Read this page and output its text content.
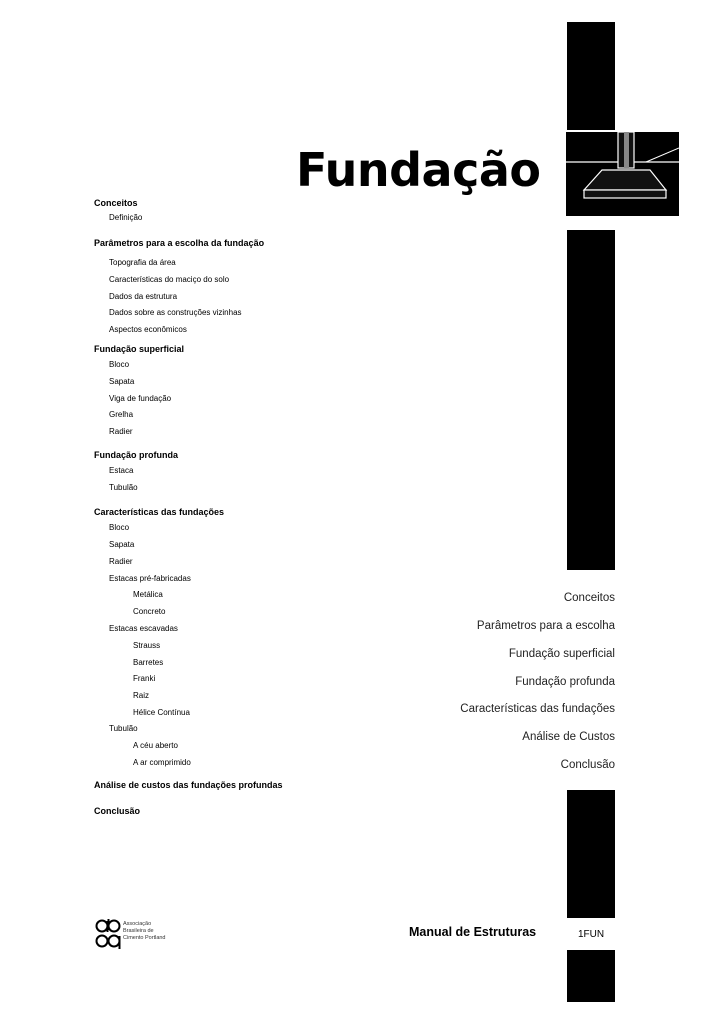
Fundação
Conceitos
Definição
Parâmetros para a escolha da fundação
Topografia da área
Características do maciço do solo
Dados da estrutura
Dados sobre as construções vizinhas
Aspectos econômicos
Fundação superficial
Bloco
Sapata
Viga de fundação
Grelha
Radier
Fundação profunda
Estaca
Tubulão
Características das fundações
Bloco
Sapata
Radier
Estacas pré-fabricadas
Metálica
Concreto
Estacas escavadas
Strauss
Barretes
Franki
Raiz
Hélice Contínua
Tubulão
A céu aberto
A ar comprimido
Análise de custos das fundações profundas
Conclusão
Conceitos
Parâmetros para a escolha
Fundação superficial
Fundação profunda
Características das fundações
Análise de Custos
Conclusão
Associação
Brasileira de
Cimento Portland	Manual de Estruturas	1FUN
